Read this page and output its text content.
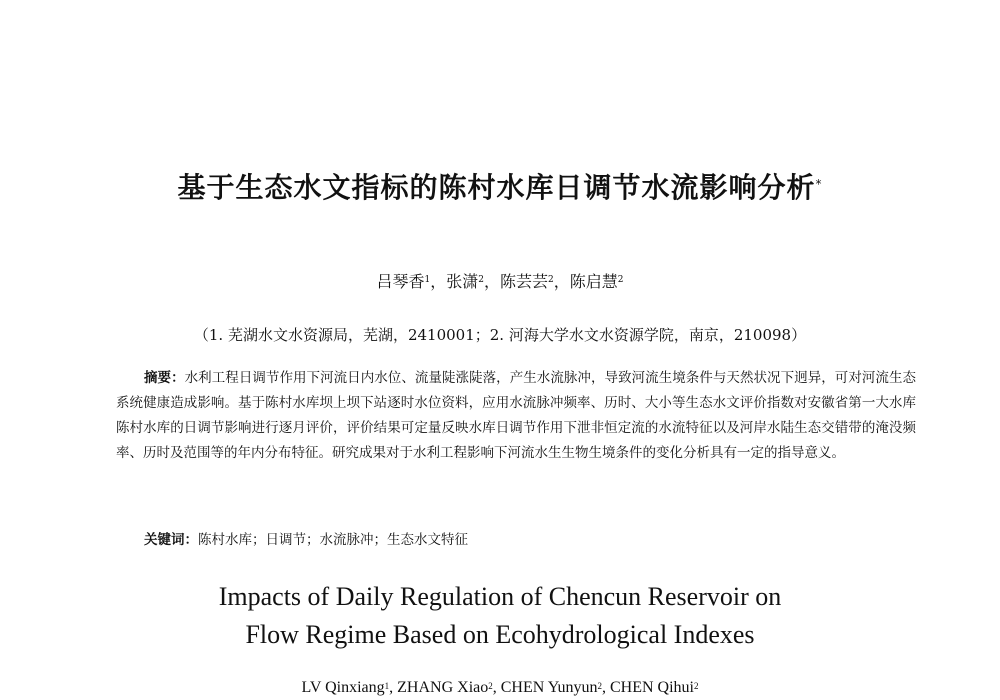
基于生态水文指标的陈村水库日调节水流影响分析*
吕琴香$^1$，张潇$^2$，陈芸芸$^2$，陈启慧$^2$
（1. 芜湖水文水资源局，芜湖，2410001；2. 河海大学水文水资源学院，南京，210098）
摘要：水利工程日调节作用下河流日内水位、流量陡涨陡落，产生水流脉冲，导致河流生境条件与天然状况下迥异，可对河流生态系统健康造成影响。基于陈村水库坝上坝下站逐时水位资料，应用水流脉冲频率、历时、大小等生态水文评价指数对安徽省第一大水库陈村水库的日调节影响进行逐月评价，评价结果可定量反映水库日调节作用下泄非恒定流的水流特征以及河岸水陆生态交错带的淹没频率、历时及范围等的年内分布特征。研究成果对于水利工程影响下河流水生生物生境条件的变化分析具有一定的指导意义。
关键词：陈村水库；日调节；水流脉冲；生态水文特征
Impacts of Daily Regulation of Chencun Reservoir on
Flow Regime Based on Ecohydrological Indexes
LV Qinxiang$^1$, ZHANG Xiao$^2$, CHEN Yunyun$^2$, CHEN Qihui$^2$
